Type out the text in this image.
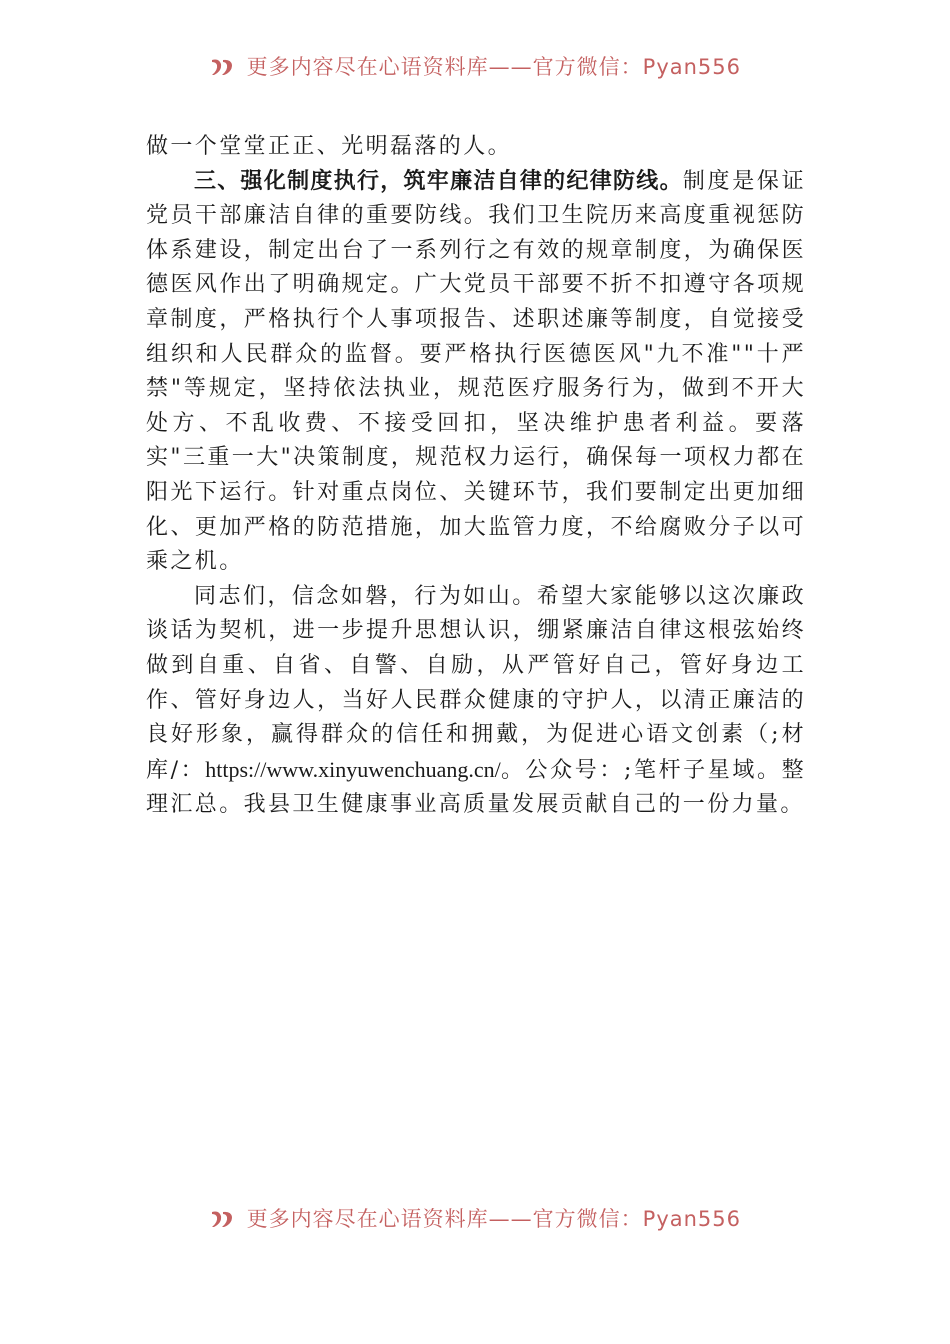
更多内容尽在心语资料库——官方微信：Pyan556

做一个堂堂正正、光明磊落的人。

三、强化制度执行，筑牢廉洁自律的纪律防线。制度是保证党员干部廉洁自律的重要防线。我们卫生院历来高度重视惩防体系建设，制定出台了一系列行之有效的规章制度，为确保医德医风作出了明确规定。广大党员干部要不折不扣遵守各项规章制度，严格执行个人事项报告、述职述廉等制度，自觉接受组织和人民群众的监督。要严格执行医德医风"九不准""十严禁"等规定，坚持依法执业，规范医疗服务行为，做到不开大处方、不乱收费、不接受回扣，坚决维护患者利益。要落实"三重一大"决策制度，规范权力运行，确保每一项权力都在阳光下运行。针对重点岗位、关键环节，我们要制定出更加细化、更加严格的防范措施，加大监管力度，不给腐败分子以可乘之机。

同志们，信念如磐，行为如山。希望大家能够以这次廉政谈话为契机，进一步提升思想认识，绷紧廉洁自律这根弦始终做到自重、自省、自警、自励，从严管好自己，管好身边工作、管好身边人，当好人民群众健康的守护人，以清正廉洁的良好形象，赢得群众的信任和拥戴，为促进心语文创素（;材库/：https://www.xinyuwenchuang.cn/。公众号：;笔杆子星域。整理汇总。我县卫生健康事业高质量发展贡献自己的一份力量。

更多内容尽在心语资料库——官方微信：Pyan556
